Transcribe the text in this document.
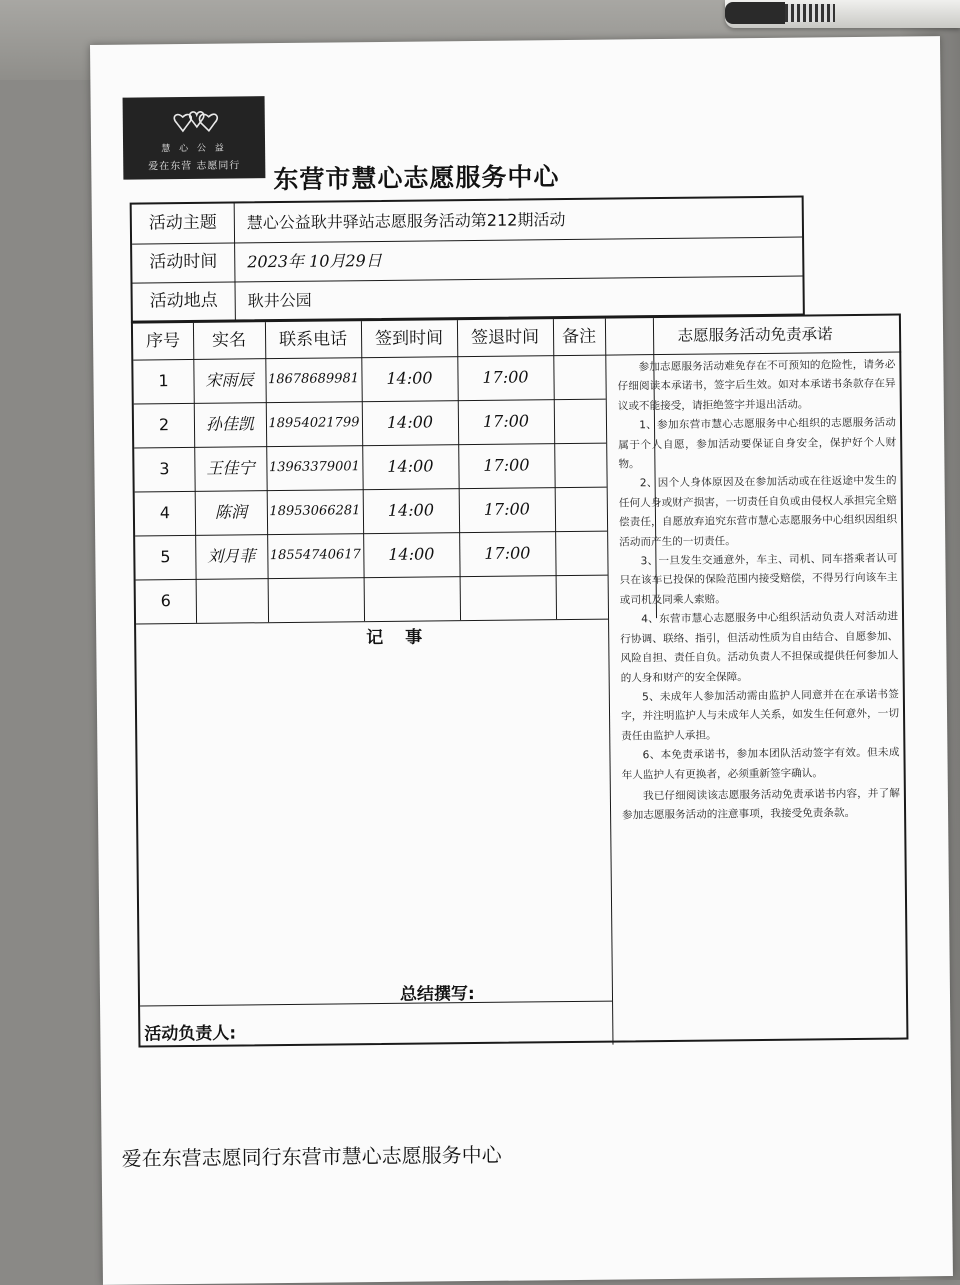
慧 心 公 益
爱在东营 志愿同行	东营市慧心志愿服务中心
活动主题	慧心公益耿井驿站志愿服务活动第212期活动
活动时间	2023年 10月29日
活动地点	耿井公园
序号	实名	联系电话	签到时间	签退时间	备注
1	宋雨辰	18678689981	14:00	17:00
2	孙佳凯	18954021799	14:00	17:00
3	王佳宁	13963379001	14:00	17:00
4	陈润	18953066281	14:00	17:00
5	刘月菲	18554740617	14:00	17:00
6
记 事
志愿服务活动免责承诺

参加志愿服务活动难免存在不可预知的危险性，请务必仔细阅读本承诺书，签字后生效。如对本承诺书条款存在异议或不能接受，请拒绝签字并退出活动。

1、参加东营市慧心志愿服务中心组织的志愿服务活动属于个人自愿，参加活动要保证自身安全，保护好个人财物。

2、因个人身体原因及在参加活动或在往返途中发生的任何人身或财产损害，一切责任自负或由侵权人承担完全赔偿责任，自愿放弃追究东营市慧心志愿服务中心组织因组织活动而产生的一切责任。

3、一旦发生交通意外，车主、司机、同车搭乘者认可只在该车已投保的保险范围内接受赔偿，不得另行向该车主或司机及同乘人索赔。

4、东营市慧心志愿服务中心组织活动负责人对活动进行协调、联络、指引，但活动性质为自由结合、自愿参加、风险自担、责任自负。活动负责人不担保或提供任何参加人的人身和财产的安全保障。

5、未成年人参加活动需由监护人同意并在在承诺书签字，并注明监护人与未成年人关系，如发生任何意外，一切责任由监护人承担。

6、本免责承诺书，参加本团队活动签字有效。但未成年人监护人有更换者，必须重新签字确认。

我已仔细阅读该志愿服务活动免责承诺书内容，并了解参加志愿服务活动的注意事项，我接受免责条款。

总结撰写:
活动负责人:
爱在东营志愿同行东营市慧心志愿服务中心
